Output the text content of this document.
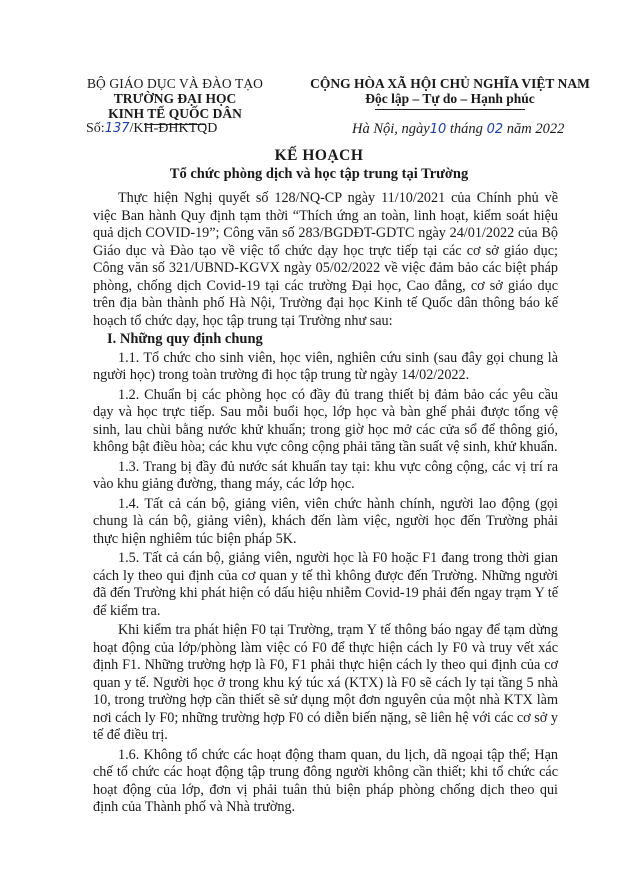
BỘ GIÁO DỤC VÀ ĐÀO TẠO
TRƯỜNG ĐẠI HỌC
KINH TẾ QUỐC DÂN
CỘNG HÒA XÃ HỘI CHỦ NGHĨA VIỆT NAM
Độc lập – Tự do – Hạnh phúc
Số:137/KH-ĐHKTQD	Hà Nội, ngày10 tháng 02 năm 2022
KẾ HOẠCH
Tổ chức phòng dịch và học tập trung tại Trường

Thực hiện Nghị quyết số 128/NQ-CP ngày 11/10/2021 của Chính phủ về việc Ban hành Quy định tạm thời “Thích ứng an toàn, linh hoạt, kiểm soát hiệu quả dịch COVID-19”; Công văn số 283/BGDĐT-GDTC ngày 24/01/2022 của Bộ Giáo dục và Đào tạo về việc tổ chức dạy học trực tiếp tại các cơ sở giáo dục; Công văn số 321/UBND-KGVX ngày 05/02/2022 về việc đảm bảo các biệt pháp phòng, chống dịch Covid-19 tại các trường Đại học, Cao đẳng, cơ sở giáo dục trên địa bàn thành phố Hà Nội, Trường đại học Kinh tế Quốc dân thông báo kế hoạch tổ chức dạy, học tập trung tại Trường như sau:

I. Những quy định chung

1.1. Tổ chức cho sinh viên, học viên, nghiên cứu sinh (sau đây gọi chung là người học) trong toàn trường đi học tập trung từ ngày 14/02/2022.

1.2. Chuẩn bị các phòng học có đầy đủ trang thiết bị đảm bảo các yêu cầu dạy và học trực tiếp. Sau mỗi buổi học, lớp học và bàn ghế phải được tổng vệ sinh, lau chùi bằng nước khử khuẩn; trong giờ học mở các cửa sổ để thông gió, không bật điều hòa; các khu vực công cộng phải tăng tần suất vệ sinh, khử khuẩn.

1.3. Trang bị đầy đủ nước sát khuẩn tay tại: khu vực công cộng, các vị trí ra vào khu giảng đường, thang máy, các lớp học.

1.4. Tất cả cán bộ, giảng viên, viên chức hành chính, người lao động (gọi chung là cán bộ, giảng viên), khách đến làm việc, người học đến Trường phải thực hiện nghiêm túc biện pháp 5K.

1.5. Tất cả cán bộ, giảng viên, người học là F0 hoặc F1 đang trong thời gian cách ly theo qui định của cơ quan y tế thì không được đến Trường. Những người đã đến Trường khi phát hiện có dấu hiệu nhiễm Covid-19 phải đến ngay trạm Y tế để kiểm tra.

Khi kiểm tra phát hiện F0 tại Trường, trạm Y tế thông báo ngay để tạm dừng hoạt động của lớp/phòng làm việc có F0 để thực hiện cách ly F0 và truy vết xác định F1. Những trường hợp là F0, F1 phải thực hiện cách ly theo qui định của cơ quan y tế. Người học ở trong khu ký túc xá (KTX) là F0 sẽ cách ly tại tầng 5 nhà 10, trong trường hợp cần thiết sẽ sử dụng một đơn nguyên của một nhà KTX làm nơi cách ly F0; những trường hợp F0 có diễn biến nặng, sẽ liên hệ với các cơ sở y tế để điều trị.

1.6. Không tổ chức các hoạt động tham quan, du lịch, dã ngoại tập thể; Hạn chế tổ chức các hoạt động tập trung đông người không cần thiết; khi tổ chức các hoạt động của lớp, đơn vị phải tuân thủ biện pháp phòng chống dịch theo qui định của Thành phố và Nhà trường.
